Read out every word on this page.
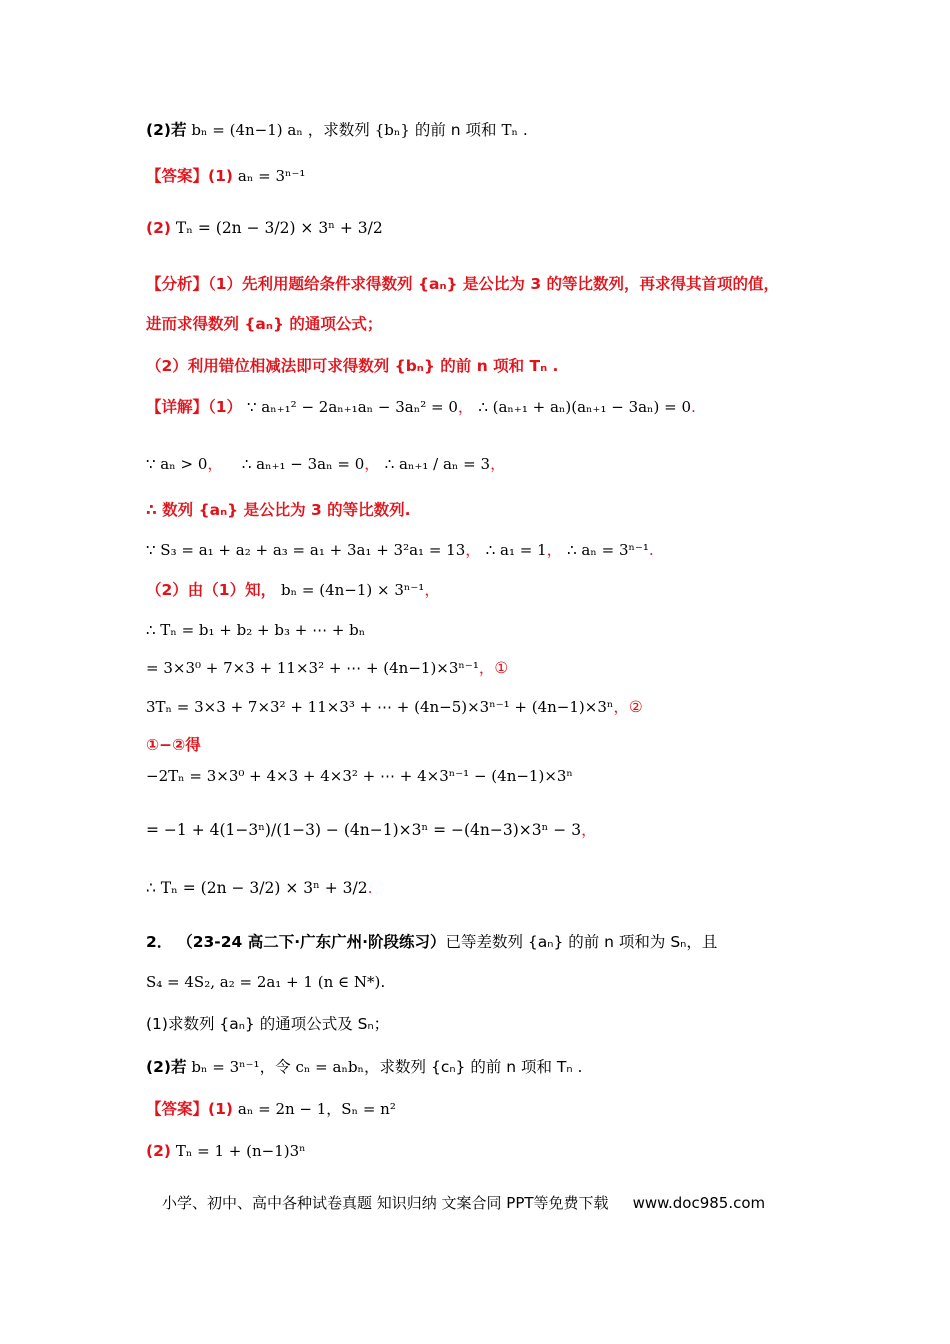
(2)若 bₙ = (4n−1) aₙ ，求数列 {bₙ} 的前 n 项和 Tₙ .
【答案】(1) aₙ = 3ⁿ⁻¹
(2) Tₙ = (2n − 3/2) × 3ⁿ + 3/2
【分析】（1）先利用题给条件求得数列 {aₙ} 是公比为 3 的等比数列，再求得其首项的值，
进而求得数列 {aₙ} 的通项公式；
（2）利用错位相减法即可求得数列 {bₙ} 的前 n 项和 Tₙ .
【详解】（1） ∵ aₙ₊₁² − 2aₙ₊₁aₙ − 3aₙ² = 0， ∴ (aₙ₊₁ + aₙ)(aₙ₊₁ − 3aₙ) = 0.
∵ aₙ > 0， ∴ aₙ₊₁ − 3aₙ = 0， ∴ aₙ₊₁ / aₙ = 3，
∴ 数列 {aₙ} 是公比为 3 的等比数列.
∵ S₃ = a₁ + a₂ + a₃ = a₁ + 3a₁ + 3²a₁ = 13， ∴ a₁ = 1， ∴ aₙ = 3ⁿ⁻¹.
（2）由（1）知， bₙ = (4n−1) × 3ⁿ⁻¹，
∴ Tₙ = b₁ + b₂ + b₃ + ⋯ + bₙ
= 3×3⁰ + 7×3 + 11×3² + ⋯ + (4n−1)×3ⁿ⁻¹，①
3Tₙ = 3×3 + 7×3² + 11×3³ + ⋯ + (4n−5)×3ⁿ⁻¹ + (4n−1)×3ⁿ，②
①−②得
−2Tₙ = 3×3⁰ + 4×3 + 4×3² + ⋯ + 4×3ⁿ⁻¹ − (4n−1)×3ⁿ
= −1 + 4(1−3ⁿ)/(1−3) − (4n−1)×3ⁿ = −(4n−3)×3ⁿ − 3，
∴ Tₙ = (2n − 3/2) × 3ⁿ + 3/2.
2． （23-24 高二下·广东广州·阶段练习）已等差数列 {aₙ} 的前 n 项和为 Sₙ，且
S₄ = 4S₂, a₂ = 2a₁ + 1 (n ∈ N*).
(1)求数列 {aₙ} 的通项公式及 Sₙ；
(2)若 bₙ = 3ⁿ⁻¹，令 cₙ = aₙbₙ，求数列 {cₙ} 的前 n 项和 Tₙ .
【答案】(1) aₙ = 2n − 1，Sₙ = n²
(2) Tₙ = 1 + (n−1)3ⁿ
小学、初中、高中各种试卷真题 知识归纳 文案合同 PPT等免费下载 www.doc985.com
